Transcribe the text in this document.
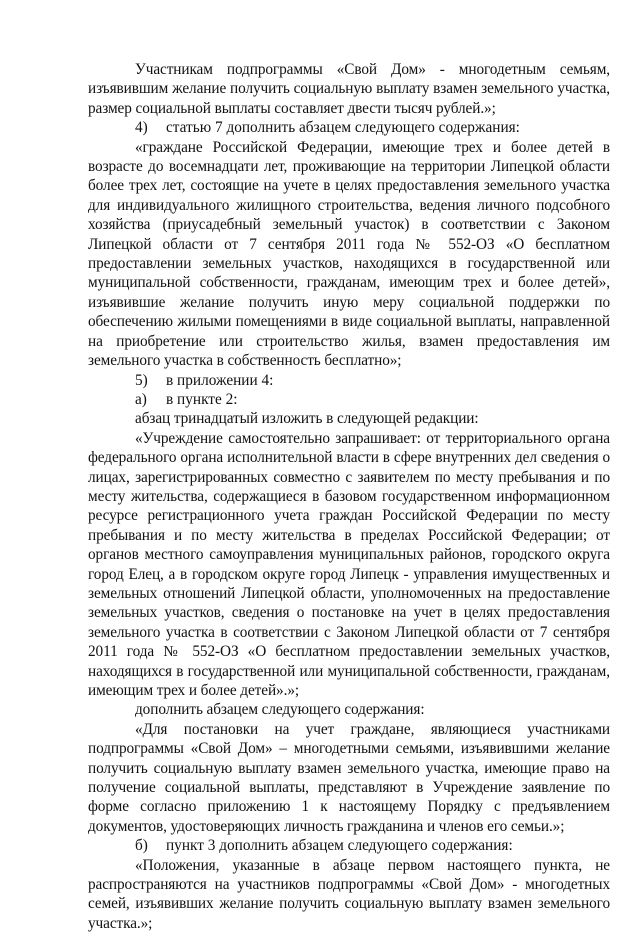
Участникам подпрограммы «Свой Дом» - многодетным семьям, изъявившим желание получить социальную выплату взамен земельного участка, размер социальной выплаты составляет двести тысяч рублей.»;

4) статью 7 дополнить абзацем следующего содержания:

«граждане Российской Федерации, имеющие трех и более детей в возрасте до восемнадцати лет, проживающие на территории Липецкой области более трех лет, состоящие на учете в целях предоставления земельного участка для индивидуального жилищного строительства, ведения личного подсобного хозяйства (приусадебный земельный участок) в соответствии с Законом Липецкой области от 7 сентября 2011 года № 552-ОЗ «О бесплатном предоставлении земельных участков, находящихся в государственной или муниципальной собственности, гражданам, имеющим трех и более детей», изъявившие желание получить иную меру социальной поддержки по обеспечению жилыми помещениями в виде социальной выплаты, направленной на приобретение или строительство жилья, взамен предоставления им земельного участка в собственность бесплатно»;

5) в приложении 4:

а) в пункте 2:

абзац тринадцатый изложить в следующей редакции:

«Учреждение самостоятельно запрашивает: от территориального органа федерального органа исполнительной власти в сфере внутренних дел сведения о лицах, зарегистрированных совместно с заявителем по месту пребывания и по месту жительства, содержащиеся в базовом государственном информационном ресурсе регистрационного учета граждан Российской Федерации по месту пребывания и по месту жительства в пределах Российской Федерации; от органов местного самоуправления муниципальных районов, городского округа город Елец, а в городском округе город Липецк - управления имущественных и земельных отношений Липецкой области, уполномоченных на предоставление земельных участков, сведения о постановке на учет в целях предоставления земельного участка в соответствии с Законом Липецкой области от 7 сентября 2011 года № 552-ОЗ «О бесплатном предоставлении земельных участков, находящихся в государственной или муниципальной собственности, гражданам, имеющим трех и более детей».»;

дополнить абзацем следующего содержания:

«Для постановки на учет граждане, являющиеся участниками подпрограммы «Свой Дом» – многодетными семьями, изъявившими желание получить социальную выплату взамен земельного участка, имеющие право на получение социальной выплаты, представляют в Учреждение заявление по форме согласно приложению 1 к настоящему Порядку с предъявлением документов, удостоверяющих личность гражданина и членов его семьи.»;

б) пункт 3 дополнить абзацем следующего содержания:

«Положения, указанные в абзаце первом настоящего пункта, не распространяются на участников подпрограммы «Свой Дом» - многодетных семей, изъявивших желание получить социальную выплату взамен земельного участка.»;
